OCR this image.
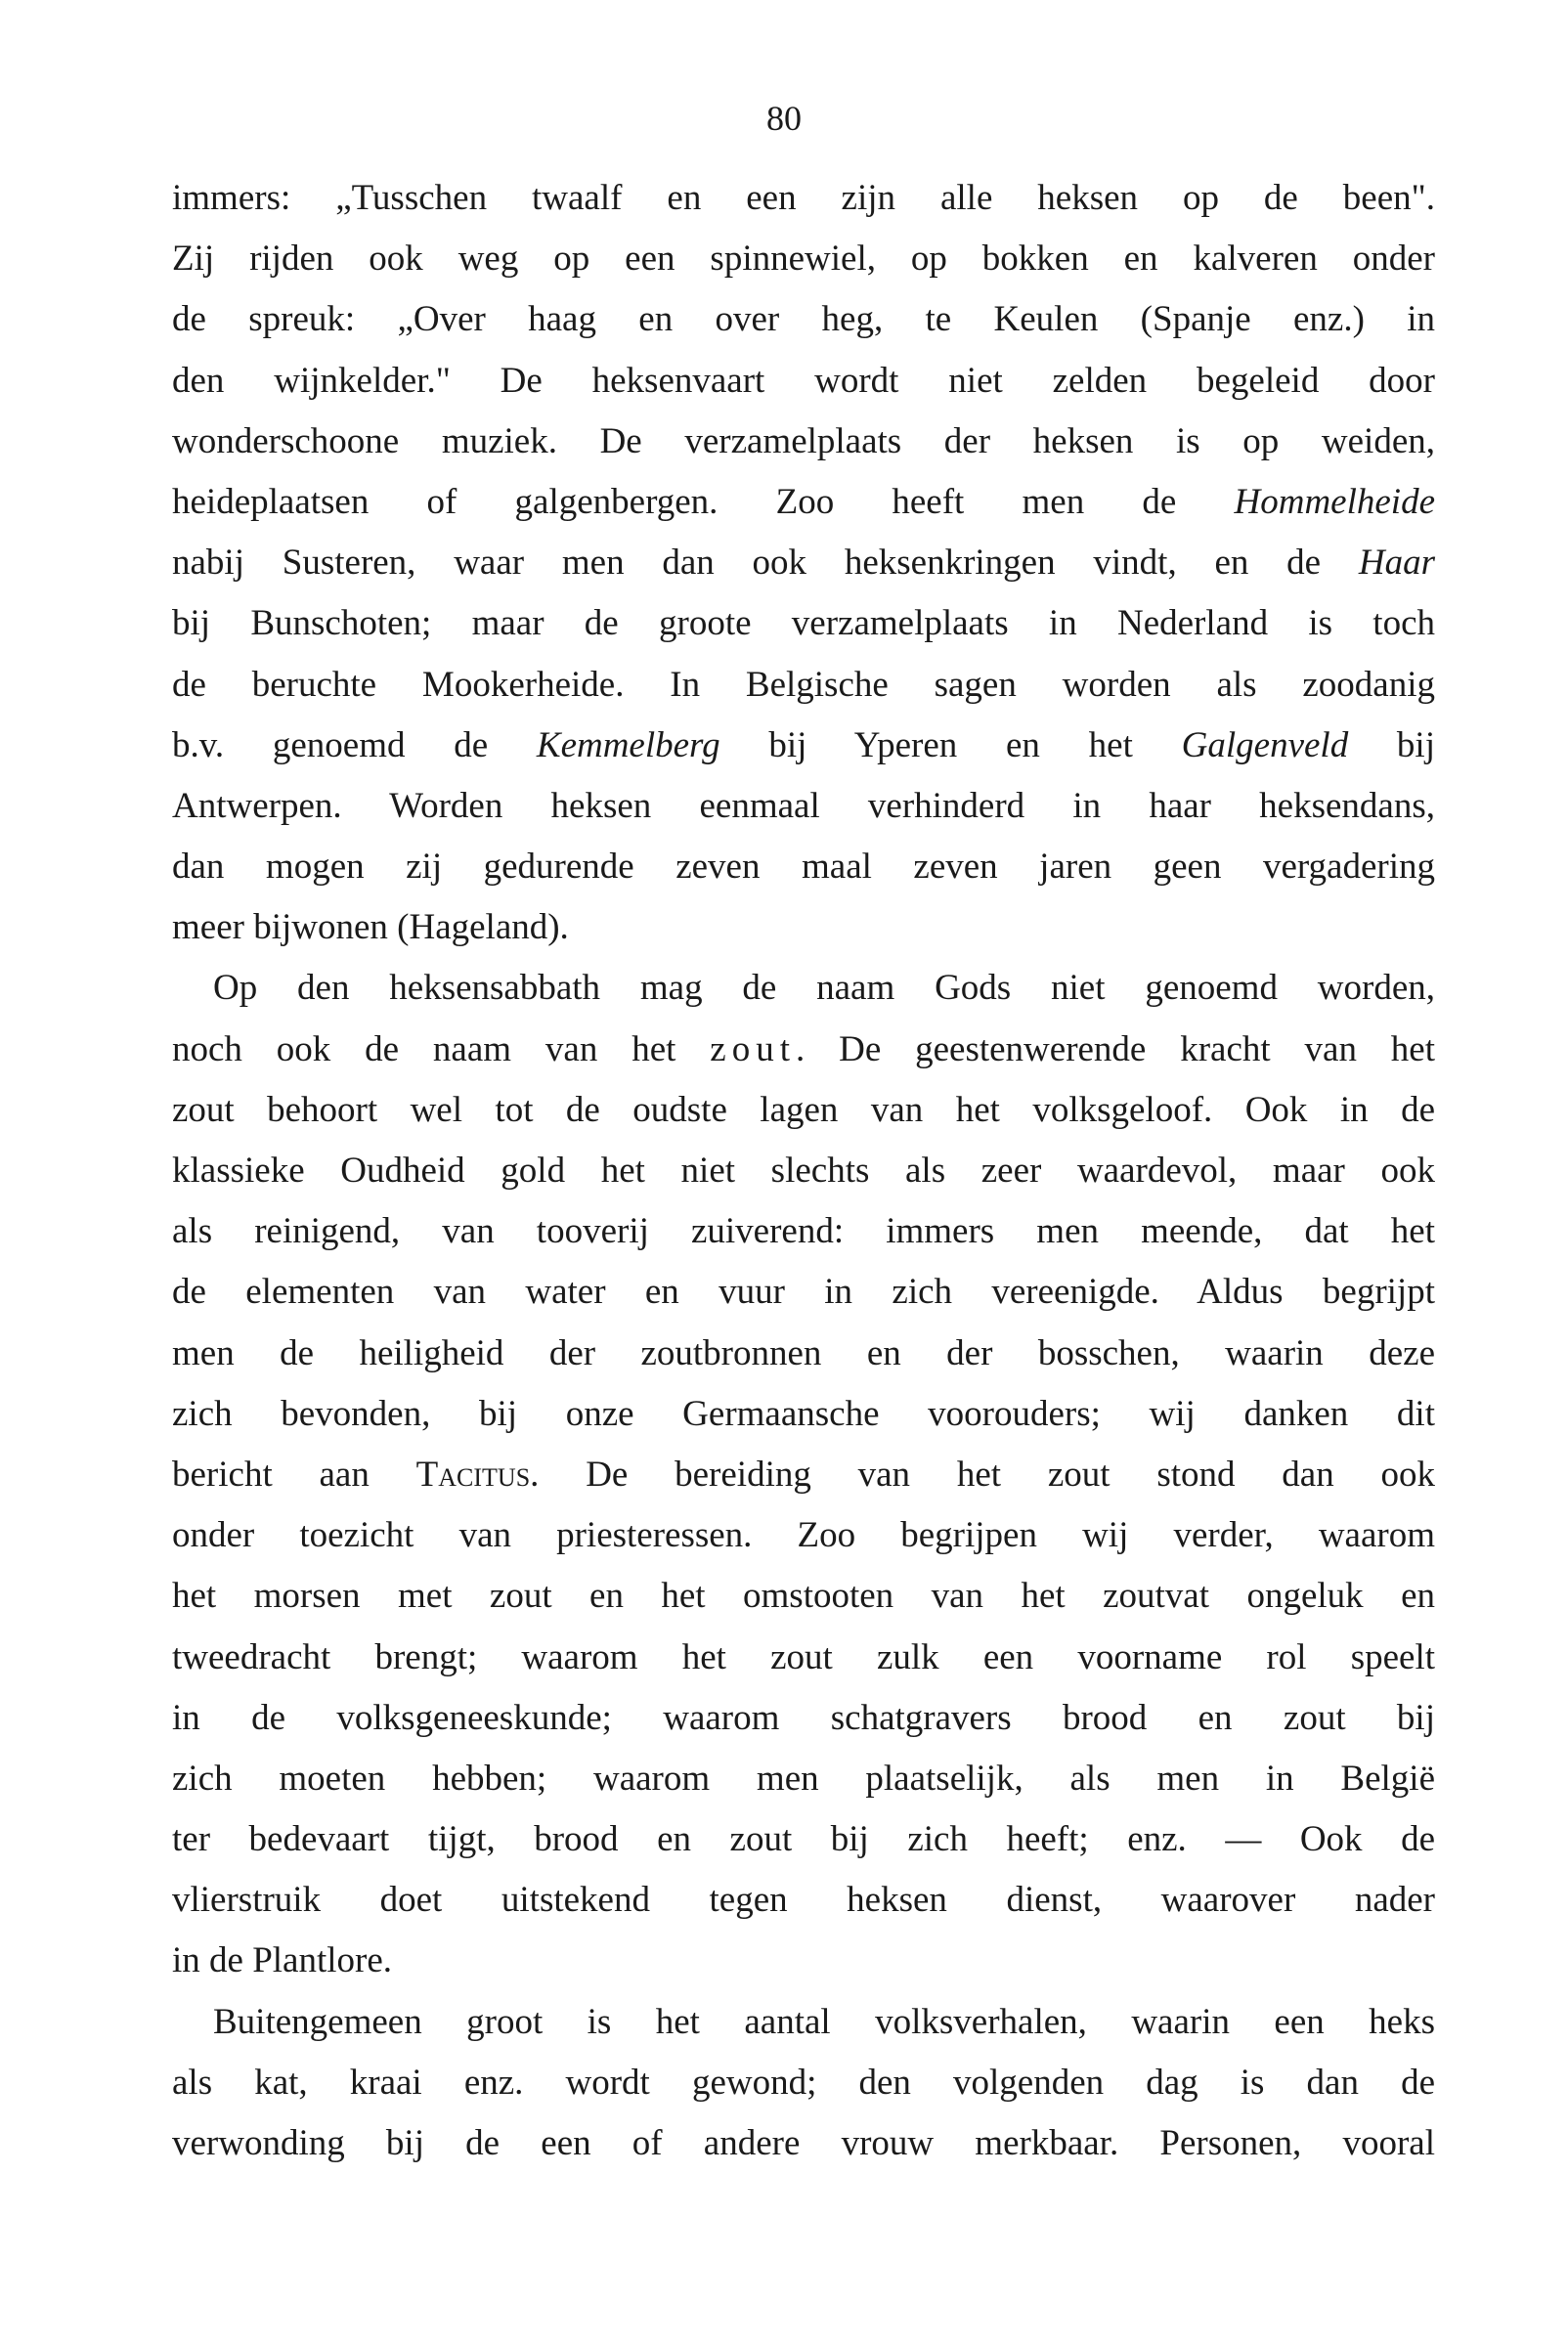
80

immers: „Tusschen twaalf en een zijn alle heksen op de been".
Zij rijden ook weg op een spinnewiel, op bokken en kalveren onder
de spreuk: „Over haag en over heg, te Keulen (Spanje enz.) in
den wijnkelder." De heksenvaart wordt niet zelden begeleid door
wonderschoone muziek. De verzamelplaats der heksen is op weiden,
heideplaatsen of galgenbergen. Zoo heeft men de Hommelheide
nabij Susteren, waar men dan ook heksenkringen vindt, en de Haar
bij Bunschoten; maar de groote verzamelplaats in Nederland is toch
de beruchte Mookerheide. In Belgische sagen worden als zoodanig
b.v. genoemd de Kemmelberg bij Yperen en het Galgenveld bij
Antwerpen. Worden heksen eenmaal verhinderd in haar heksendans,
dan mogen zij gedurende zeven maal zeven jaren geen vergadering
meer bijwonen (Hageland).

Op den heksensabbath mag de naam Gods niet genoemd worden,
noch ook de naam van het zout. De geestenwerende kracht van het
zout behoort wel tot de oudste lagen van het volksgeloof. Ook in de
klassieke Oudheid gold het niet slechts als zeer waardevol, maar ook
als reinigend, van tooverij zuiverend: immers men meende, dat het
de elementen van water en vuur in zich vereenigde. Aldus begrijpt
men de heiligheid der zoutbronnen en der bosschen, waarin deze
zich bevonden, bij onze Germaansche voorouders; wij danken dit
bericht aan Tacitus. De bereiding van het zout stond dan ook
onder toezicht van priesteressen. Zoo begrijpen wij verder, waarom
het morsen met zout en het omstooten van het zoutvat ongeluk en
tweedracht brengt; waarom het zout zulk een voorname rol speelt
in de volksgeneeskunde; waarom schatgravers brood en zout bij
zich moeten hebben; waarom men plaatselijk, als men in België
ter bedevaart tijgt, brood en zout bij zich heeft; enz. — Ook de
vlierstruik doet uitstekend tegen heksen dienst, waarover nader
in de Plantlore.

Buitengemeen groot is het aantal volksverhalen, waarin een heks
als kat, kraai enz. wordt gewond; den volgenden dag is dan de
verwonding bij de een of andere vrouw merkbaar. Personen, vooral
